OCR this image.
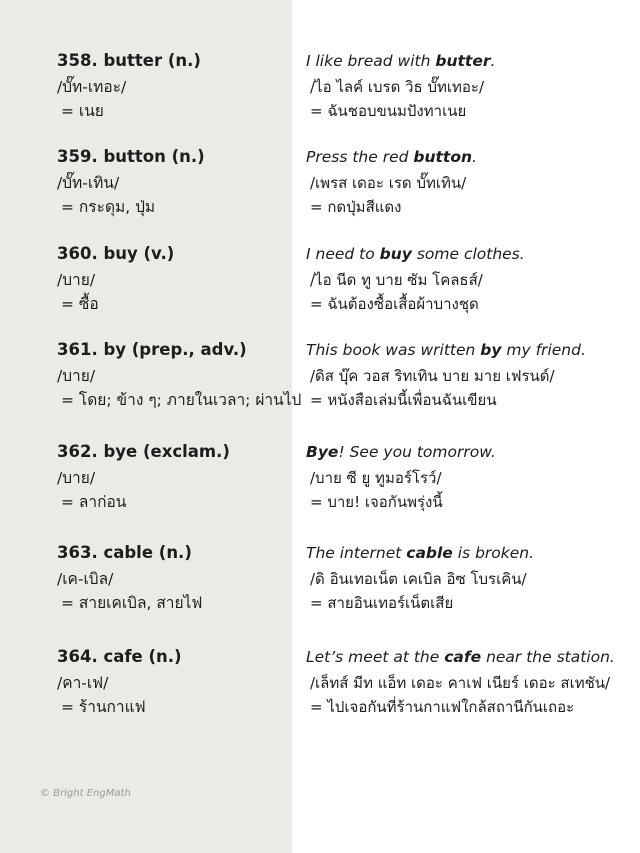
358. butter (n.)
/บั๊ท-เทอะ/
= เนย
I like bread with butter.
/ไอ ไลค์ เบรด วิธ บั๊ทเทอะ/
= ฉันชอบขนมปังทาเนย
359. button (n.)
/บั๊ท-เทิน/
= กระดุม, ปุ่ม
Press the red button.
/เพรส เดอะ เรด บั๊ทเทิน/
= กดปุ่มสีแดง
360. buy (v.)
/บาย/
= ซื้อ
I need to buy some clothes.
/ไอ นีด ทู บาย ซัม โคลธส์/
= ฉันต้องซื้อเสื้อผ้าบางชุด
361. by (prep., adv.)
/บาย/
= โดย; ข้าง ๆ; ภายในเวลา; ผ่านไป
This book was written by my friend.
/ดิส บุ๊ค วอส ริทเทิน บาย มาย เฟรนด์/
= หนังสือเล่มนี้เพื่อนฉันเขียน
362. bye (exclam.)
/บาย/
= ลาก่อน
Bye! See you tomorrow.
/บาย ซี ยู ทูมอร์โรว์/
= บาย! เจอกันพรุ่งนี้
363. cable (n.)
/เค-เบิล/
= สายเคเบิล, สายไฟ
The internet cable is broken.
/ดิ อินเทอเน็ต เคเบิล อิซ โบรเคิน/
= สายอินเทอร์เน็ตเสีย
364. cafe (n.)
/คา-เฟ/
= ร้านกาแฟ
Let’s meet at the cafe near the station.
/เล็ทส์ มีท แอ็ท เดอะ คาเฟ เนียร์ เดอะ สเทชัน/
= ไปเจอกันที่ร้านกาแฟใกล้สถานีกันเถอะ
© Bright EngMath
